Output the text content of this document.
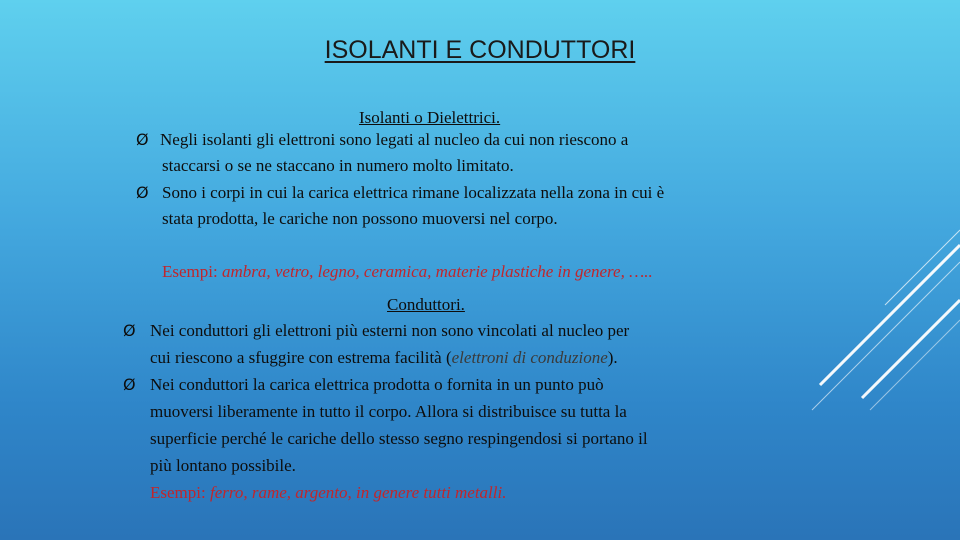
ISOLANTI E CONDUTTORI
Isolanti o Dielettrici.
Ø Negli isolanti gli elettroni sono legati al nucleo da cui non riescono a
staccarsi o se ne staccano in numero molto limitato.
Ø Sono i corpi in cui la carica elettrica rimane localizzata nella zona in cui è
stata prodotta, le cariche non possono muoversi nel corpo.
Esempi: ambra, vetro, legno, ceramica, materie plastiche in genere, …..
Conduttori.
Ø Nei conduttori gli elettroni più esterni non sono vincolati al nucleo per
cui riescono a sfuggire con estrema facilità (elettroni di conduzione).
Ø Nei conduttori la carica elettrica prodotta o fornita in un punto può
muoversi liberamente in tutto il corpo. Allora si distribuisce su tutta la
superficie perché le cariche dello stesso segno respingendosi si portano il
più lontano possibile.
Esempi: ferro, rame, argento, in genere tutti metalli.
